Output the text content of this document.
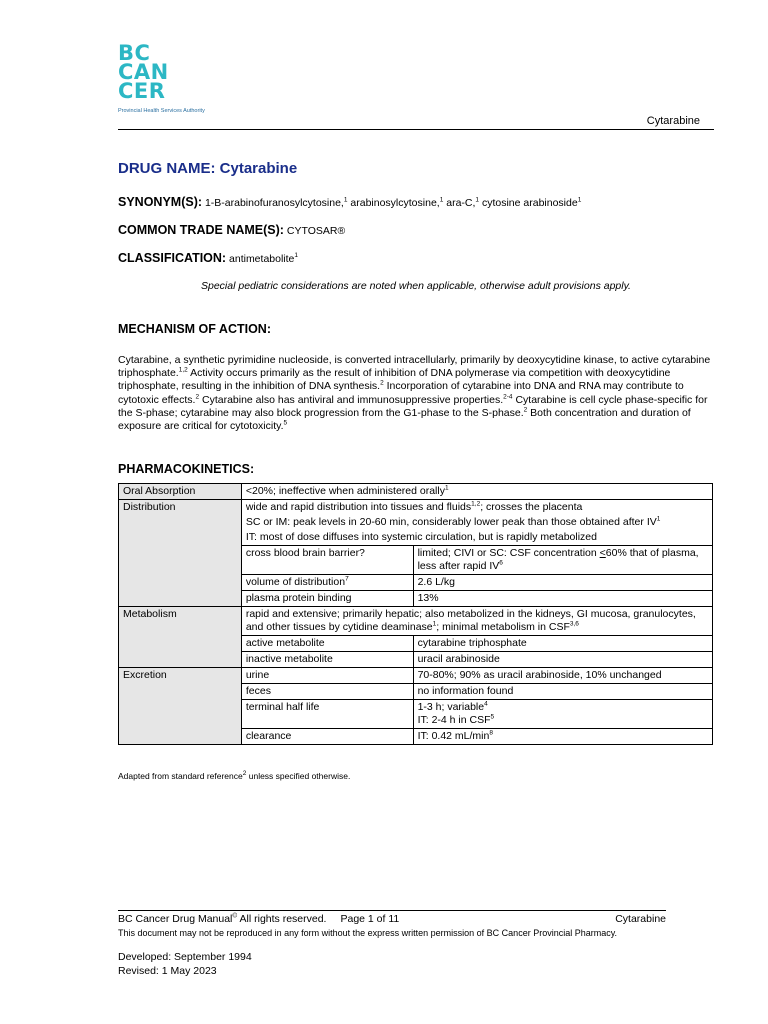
BC
CAN
CER
Provincial Health Services Authority
Cytarabine
DRUG NAME: Cytarabine
SYNONYM(S): 1-B-arabinofuranosylcytosine,$^1$ arabinosylcytosine,$^1$ ara-C,$^1$ cytosine arabinoside$^1$
COMMON TRADE NAME(S): CYTOSAR®
CLASSIFICATION: antimetabolite$^1$
Special pediatric considerations are noted when applicable, otherwise adult provisions apply.
MECHANISM OF ACTION:
Cytarabine, a synthetic pyrimidine nucleoside, is converted intracellularly, primarily by deoxycytidine kinase, to active cytarabine triphosphate.$^{1,2}$ Activity occurs primarily as the result of inhibition of DNA polymerase via competition with deoxycytidine triphosphate, resulting in the inhibition of DNA synthesis.$^2$ Incorporation of cytarabine into DNA and RNA may contribute to cytotoxic effects.$^2$ Cytarabine also has antiviral and immunosuppressive properties.$^{2-4}$ Cytarabine is cell cycle phase-specific for the S-phase; cytarabine may also block progression from the G1-phase to the S-phase.$^2$ Both concentration and duration of exposure are critical for cytotoxicity.$^5$
PHARMACOKINETICS:
Oral Absorption	<20%; ineffective when administered orally$^1$
Distribution	wide and rapid distribution into tissues and fluids$^{1,2}$; crosses the placenta
SC or IM: peak levels in 20-60 min, considerably lower peak than those obtained after $IV^1$
IT: most of dose diffuses into systemic circulation, but is rapidly metabolized	

	cross blood brain barrier?	limited; CIVI or SC: CSF concentration <60% that of plasma, less after rapid $IV^6$
	volume of distribution$^7$	2.6 L/kg
	plasma protein binding	13%
Metabolism	rapid and extensive; primarily hepatic; also metabolized in the kidneys, GI mucosa, granulocytes, and other tissues by cytidine deaminase$^1$; minimal metabolism in CSF$^{3,6}$
	active metabolite	cytarabine triphosphate
	inactive metabolite	uracil arabinoside
Excretion	urine	70-80%; 90% as uracil arabinoside, 10% unchanged
	feces	no information found
	terminal half life	1-3 h; variable$^4$
IT: 2-4 h in CSF$^5$

	clearance	IT: 0.42 $mL/\min^8$
Adapted from standard reference$^2$ unless specified otherwise.
BC Cancer Drug Manual© All rights reserved. Page 1 of 11	Cytarabine
This document may not be reproduced in any form without the express written permission of BC Cancer Provincial Pharmacy.
Developed: September 1994
Revised: 1 May 2023
